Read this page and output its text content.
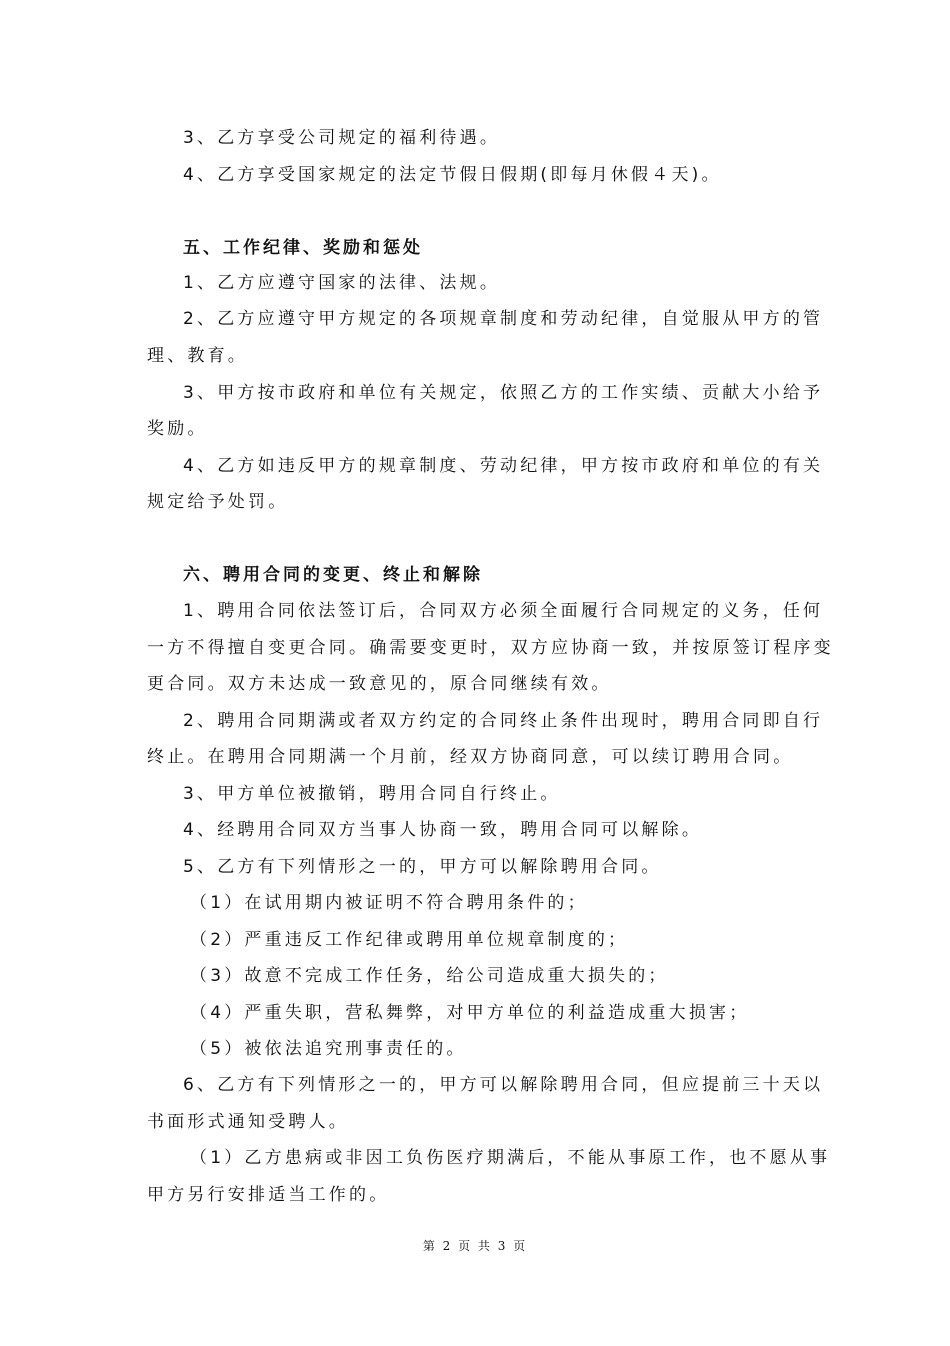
3、乙方享受公司规定的福利待遇。
4、乙方享受国家规定的法定节假日假期(即每月休假４天)。
五、工作纪律、奖励和惩处
1、乙方应遵守国家的法律、法规。
2、乙方应遵守甲方规定的各项规章制度和劳动纪律，自觉服从甲方的管
理、教育。
3、甲方按市政府和单位有关规定，依照乙方的工作实绩、贡献大小给予
奖励。
4、乙方如违反甲方的规章制度、劳动纪律，甲方按市政府和单位的有关
规定给予处罚。
六、聘用合同的变更、终止和解除
1、聘用合同依法签订后，合同双方必须全面履行合同规定的义务，任何
一方不得擅自变更合同。确需要变更时，双方应协商一致，并按原签订程序变
更合同。双方未达成一致意见的，原合同继续有效。
2、聘用合同期满或者双方约定的合同终止条件出现时，聘用合同即自行
终止。在聘用合同期满一个月前，经双方协商同意，可以续订聘用合同。
3、甲方单位被撤销，聘用合同自行终止。
4、经聘用合同双方当事人协商一致，聘用合同可以解除。
5、乙方有下列情形之一的，甲方可以解除聘用合同。
（1）在试用期内被证明不符合聘用条件的；
（2）严重违反工作纪律或聘用单位规章制度的；
（3）故意不完成工作任务，给公司造成重大损失的；
（4）严重失职，营私舞弊，对甲方单位的利益造成重大损害；
（5）被依法追究刑事责任的。
6、乙方有下列情形之一的，甲方可以解除聘用合同，但应提前三十天以
书面形式通知受聘人。
（1）乙方患病或非因工负伤医疗期满后，不能从事原工作，也不愿从事
甲方另行安排适当工作的。
第 2 页 共 3 页
